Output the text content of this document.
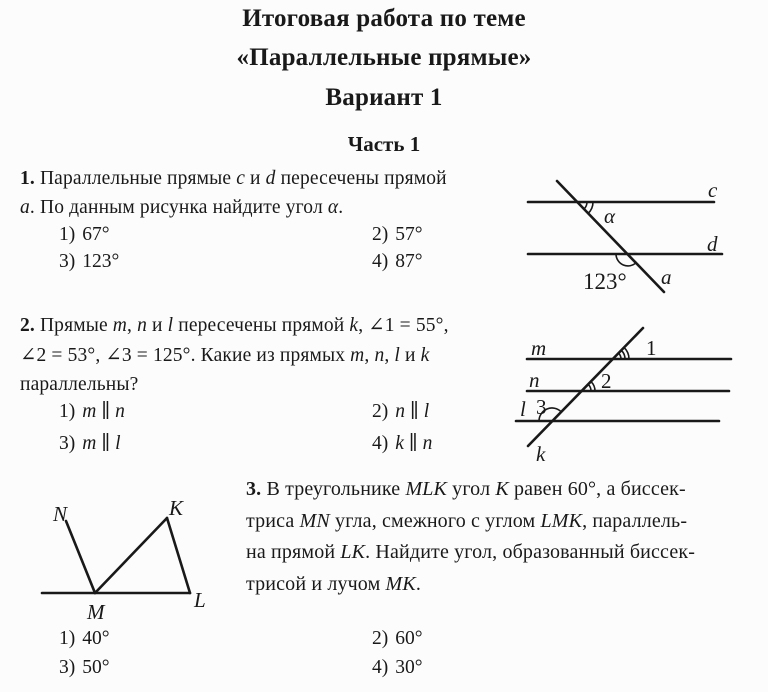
Итоговая работа по теме
«Параллельные прямые»
Вариант 1
Часть 1
1. Параллельные прямые c и d пересечены прямой
a. По данным рисунка найдите угол α.
1) 67°	2) 57°
3) 123°	4) 87°
c
d
a
α
123°
2. Прямые m, n и l пересечены прямой k, ∠1 = 55°,
∠2 = 53°, ∠3 = 125°. Какие из прямых m, n, l и k
параллельны?
1) m ∥ n	2) n ∥ l
3) m ∥ l	4) k ∥ n
m
n
l
k
1
2
3
3. В треугольнике MLK угол K равен 60°, а биссек-
триса MN угла, смежного с углом LMK, параллель-
на прямой LK. Найдите угол, образованный биссек-
трисой и лучом MK.
1) 40°	2) 60°
3) 50°	4) 30°
N	K
M	L
